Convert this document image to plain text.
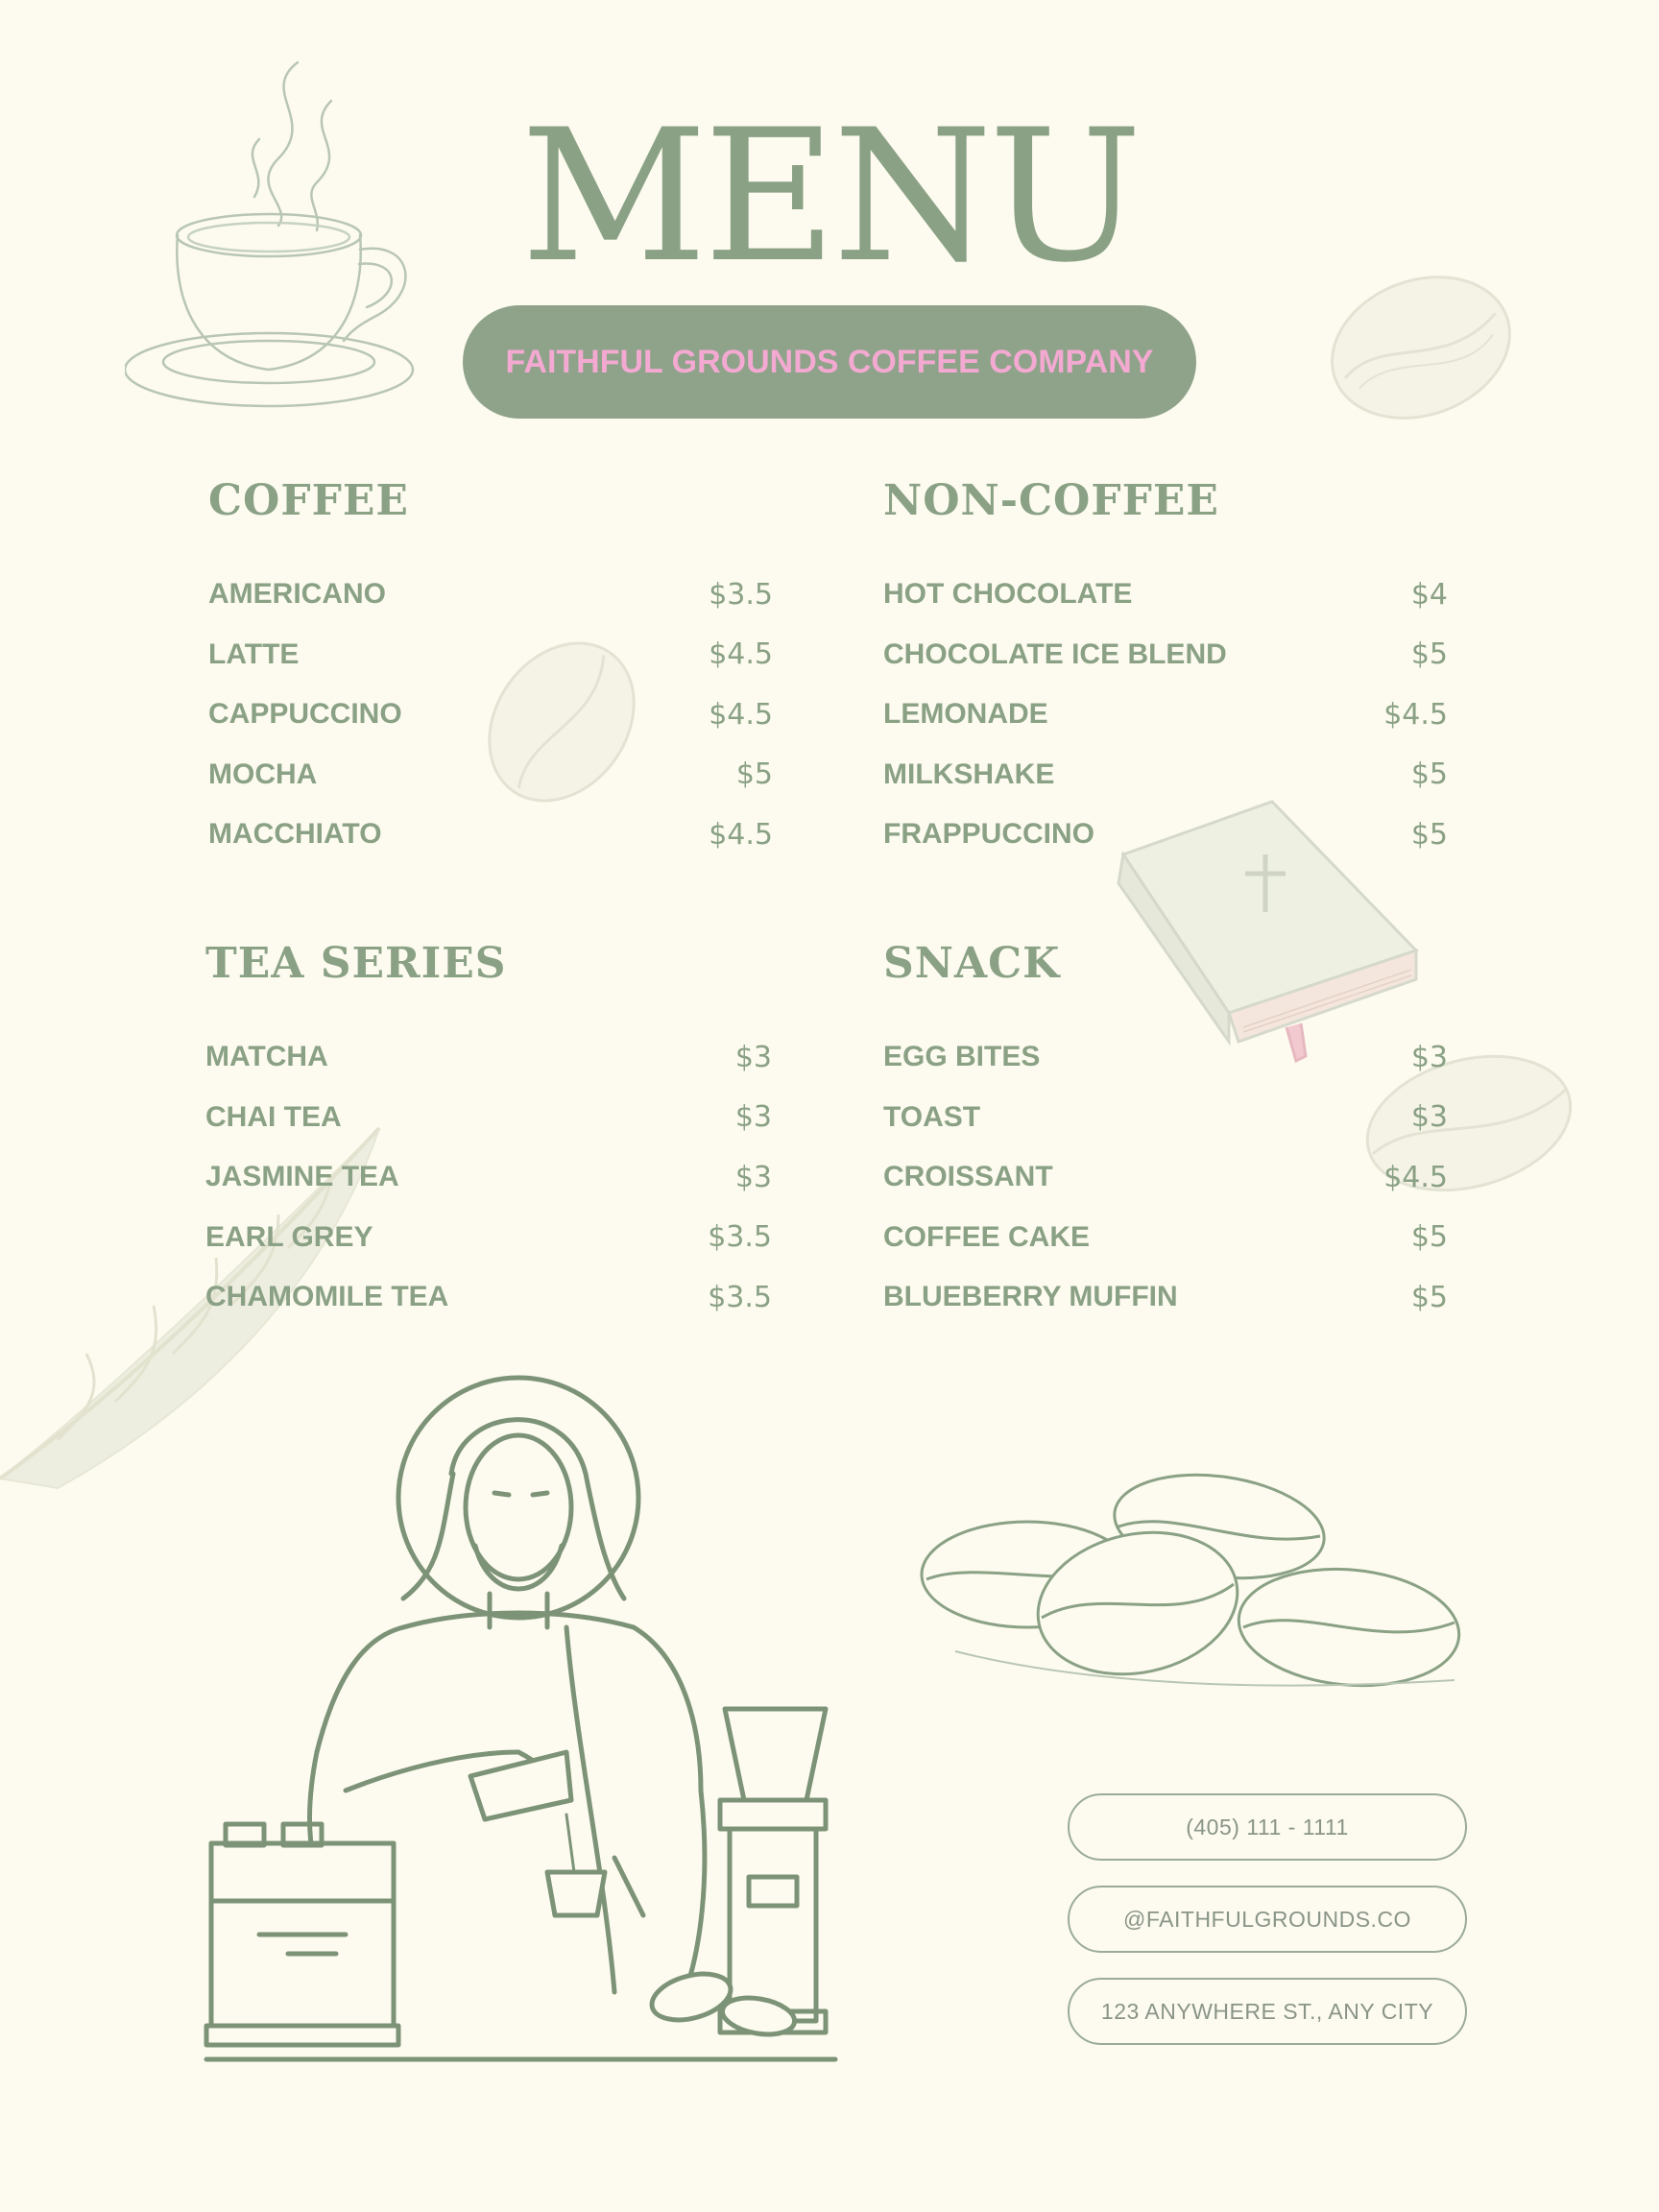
MENU
FAITHFUL GROUNDS COFFEE COMPANY
COFFEE
AMERICANO	$3.5
LATTE	$4.5
CAPPUCCINO	$4.5
MOCHA	$5
MACCHIATO	$4.5
NON-COFFEE
HOT CHOCOLATE	$4
CHOCOLATE ICE BLEND	$5
LEMONADE	$4.5
MILKSHAKE	$5
FRAPPUCCINO	$5
TEA SERIES
MATCHA	$3
CHAI TEA	$3
JASMINE TEA	$3
EARL GREY	$3.5
CHAMOMILE TEA	$3.5
SNACK
EGG BITES	$3
TOAST	$3
CROISSANT	$4.5
COFFEE CAKE	$5
BLUEBERRY MUFFIN	$5
(405) 111 - 1111
@FAITHFULGROUNDS.CO
123 ANYWHERE ST., ANY CITY
